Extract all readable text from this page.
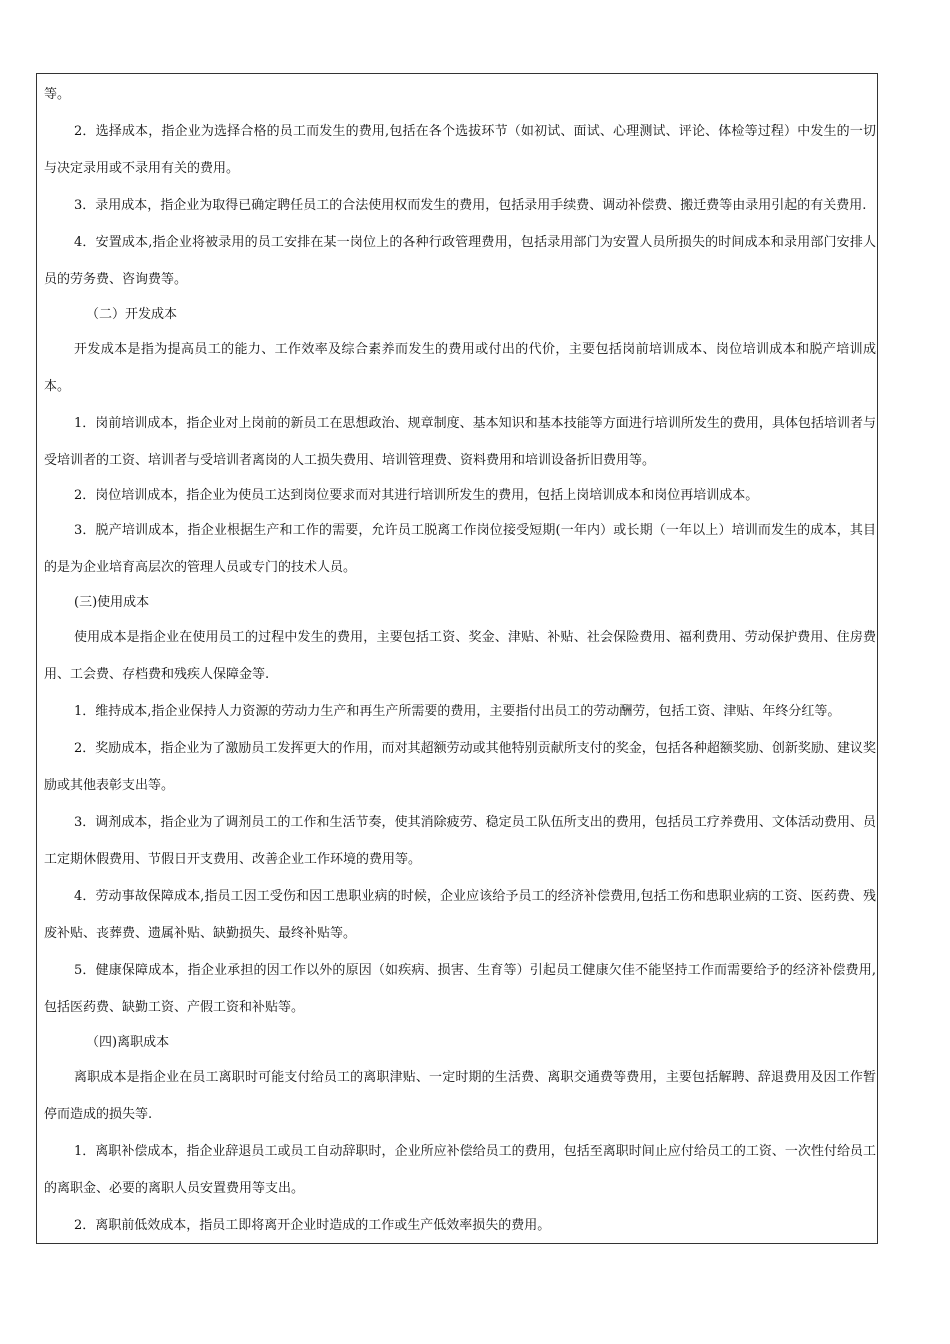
等。

2．选择成本，指企业为选择合格的员工而发生的费用,包括在各个选拔环节（如初试、面试、心理测试、评论、体检等过程）中发生的一切与决定录用或不录用有关的费用。

3．录用成本，指企业为取得已确定聘任员工的合法使用权而发生的费用，包括录用手续费、调动补偿费、搬迁费等由录用引起的有关费用.

4．安置成本,指企业将被录用的员工安排在某一岗位上的各种行政管理费用，包括录用部门为安置人员所损失的时间成本和录用部门安排人员的劳务费、咨询费等。

（二）开发成本

开发成本是指为提高员工的能力、工作效率及综合素养而发生的费用或付出的代价，主要包括岗前培训成本、岗位培训成本和脱产培训成本。

1．岗前培训成本，指企业对上岗前的新员工在思想政治、规章制度、基本知识和基本技能等方面进行培训所发生的费用，具体包括培训者与受培训者的工资、培训者与受培训者离岗的人工损失费用、培训管理费、资料费用和培训设备折旧费用等。

2．岗位培训成本，指企业为使员工达到岗位要求而对其进行培训所发生的费用，包括上岗培训成本和岗位再培训成本。

3．脱产培训成本，指企业根据生产和工作的需要，允许员工脱离工作岗位接受短期(一年内）或长期（一年以上）培训而发生的成本，其目的是为企业培育高层次的管理人员或专门的技术人员。

(三)使用成本

使用成本是指企业在使用员工的过程中发生的费用，主要包括工资、奖金、津贴、补贴、社会保险费用、福利费用、劳动保护费用、住房费用、工会费、存档费和残疾人保障金等.

1．维持成本,指企业保持人力资源的劳动力生产和再生产所需要的费用，主要指付出员工的劳动酬劳，包括工资、津贴、年终分红等。

2．奖励成本，指企业为了激励员工发挥更大的作用，而对其超额劳动或其他特别贡献所支付的奖金，包括各种超额奖励、创新奖励、建议奖励或其他表彰支出等。

3．调剂成本，指企业为了调剂员工的工作和生活节奏，使其消除疲劳、稳定员工队伍所支出的费用，包括员工疗养费用、文体活动费用、员工定期休假费用、节假日开支费用、改善企业工作环境的费用等。

4．劳动事故保障成本,指员工因工受伤和因工患职业病的时候，企业应该给予员工的经济补偿费用,包括工伤和患职业病的工资、医药费、残废补贴、丧葬费、遗属补贴、缺勤损失、最终补贴等。

5．健康保障成本，指企业承担的因工作以外的原因（如疾病、损害、生育等）引起员工健康欠佳不能坚持工作而需要给予的经济补偿费用,包括医药费、缺勤工资、产假工资和补贴等。

（四)离职成本

离职成本是指企业在员工离职时可能支付给员工的离职津贴、一定时期的生活费、离职交通费等费用，主要包括解聘、辞退费用及因工作暂停而造成的损失等.

1．离职补偿成本，指企业辞退员工或员工自动辞职时，企业所应补偿给员工的费用，包括至离职时间止应付给员工的工资、一次性付给员工的离职金、必要的离职人员安置费用等支出。

2．离职前低效成本，指员工即将离开企业时造成的工作或生产低效率损失的费用。
